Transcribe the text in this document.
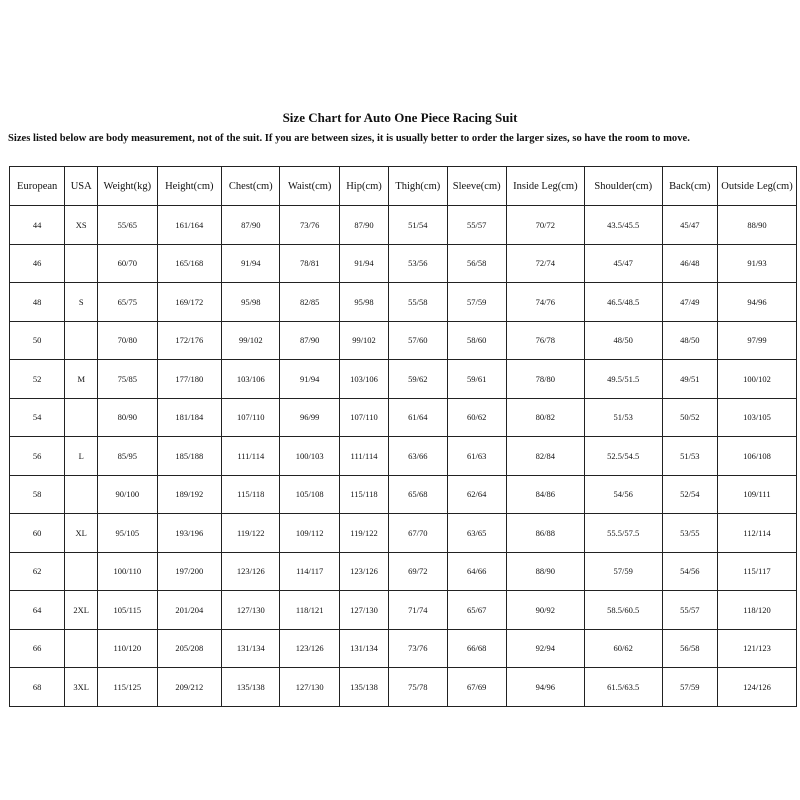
Size Chart for Auto One Piece Racing Suit
Sizes listed below are body measurement, not of the suit. If you are between sizes, it is usually better to order the larger sizes, so have the room to move.
European	USA	Weight(kg)	Height(cm)	Chest(cm)	Waist(cm)	Hip(cm)	Thigh(cm)	Sleeve(cm)	Inside Leg(cm)	Shoulder(cm)	Back(cm)	Outside Leg(cm)
44	XS	55/65	161/164	87/90	73/76	87/90	51/54	55/57	70/72	43.5/45.5	45/47	88/90
46		60/70	165/168	91/94	78/81	91/94	53/56	56/58	72/74	45/47	46/48	91/93
48	S	65/75	169/172	95/98	82/85	95/98	55/58	57/59	74/76	46.5/48.5	47/49	94/96
50		70/80	172/176	99/102	87/90	99/102	57/60	58/60	76/78	48/50	48/50	97/99
52	M	75/85	177/180	103/106	91/94	103/106	59/62	59/61	78/80	49.5/51.5	49/51	100/102
54		80/90	181/184	107/110	96/99	107/110	61/64	60/62	80/82	51/53	50/52	103/105
56	L	85/95	185/188	111/114	100/103	111/114	63/66	61/63	82/84	52.5/54.5	51/53	106/108
58		90/100	189/192	115/118	105/108	115/118	65/68	62/64	84/86	54/56	52/54	109/111
60	XL	95/105	193/196	119/122	109/112	119/122	67/70	63/65	86/88	55.5/57.5	53/55	112/114
62		100/110	197/200	123/126	114/117	123/126	69/72	64/66	88/90	57/59	54/56	115/117
64	2XL	105/115	201/204	127/130	118/121	127/130	71/74	65/67	90/92	58.5/60.5	55/57	118/120
66		110/120	205/208	131/134	123/126	131/134	73/76	66/68	92/94	60/62	56/58	121/123
68	3XL	115/125	209/212	135/138	127/130	135/138	75/78	67/69	94/96	61.5/63.5	57/59	124/126
